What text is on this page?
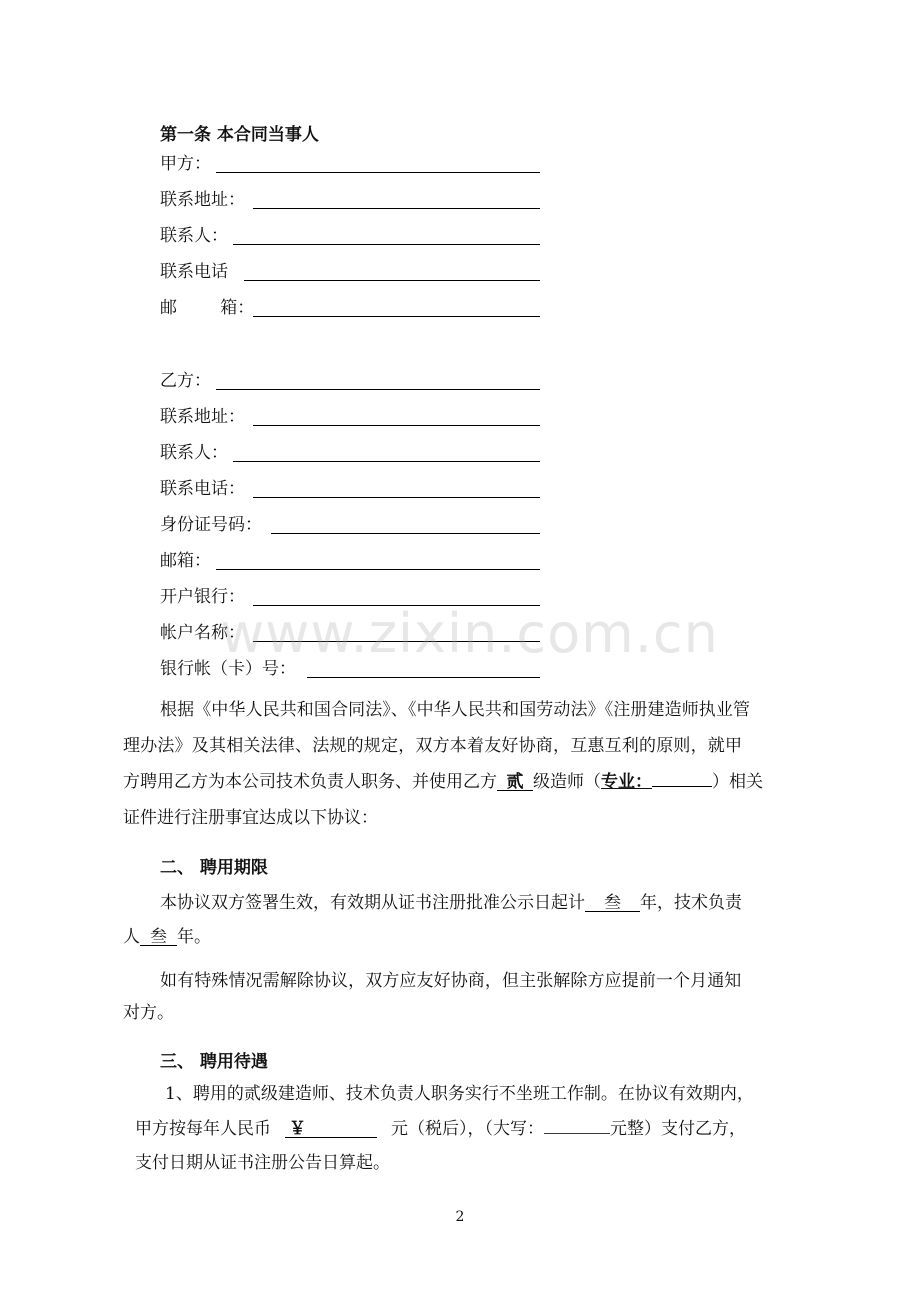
第一条 本合同当事人
甲方：
联系地址：
联系人：
联系电话
邮        箱：
乙方：
联系地址：
联系人：
联系电话：
身份证号码：
邮箱：
开户银行：
帐户名称：
银行帐（卡）号：
www.zixin.com.cn
根据《中华人民共和国合同法》、《中华人民共和国劳动法》《注册建造师执业管
理办法》及其相关法律、法规的规定，双方本着友好协商，互惠互利的原则，就甲
方聘用乙方为本公司技术负责人职务、并使用乙方 贰 级造师（专业：	）相关
证件进行注册事宜达成以下协议：
二、 聘用期限
本协议双方签署生效，有效期从证书注册批准公示日起计 叁 年，技术负责
人 叁 年。
如有特殊情况需解除协议，双方应友好协商，但主张解除方应提前一个月通知
对方。
三、 聘用待遇
1、聘用的贰级建造师、技术负责人职务实行不坐班工作制。在协议有效期内，
甲方按每年人民币 ￥	元（税后），（大写：	元整）支付乙方，
支付日期从证书注册公告日算起。
2
